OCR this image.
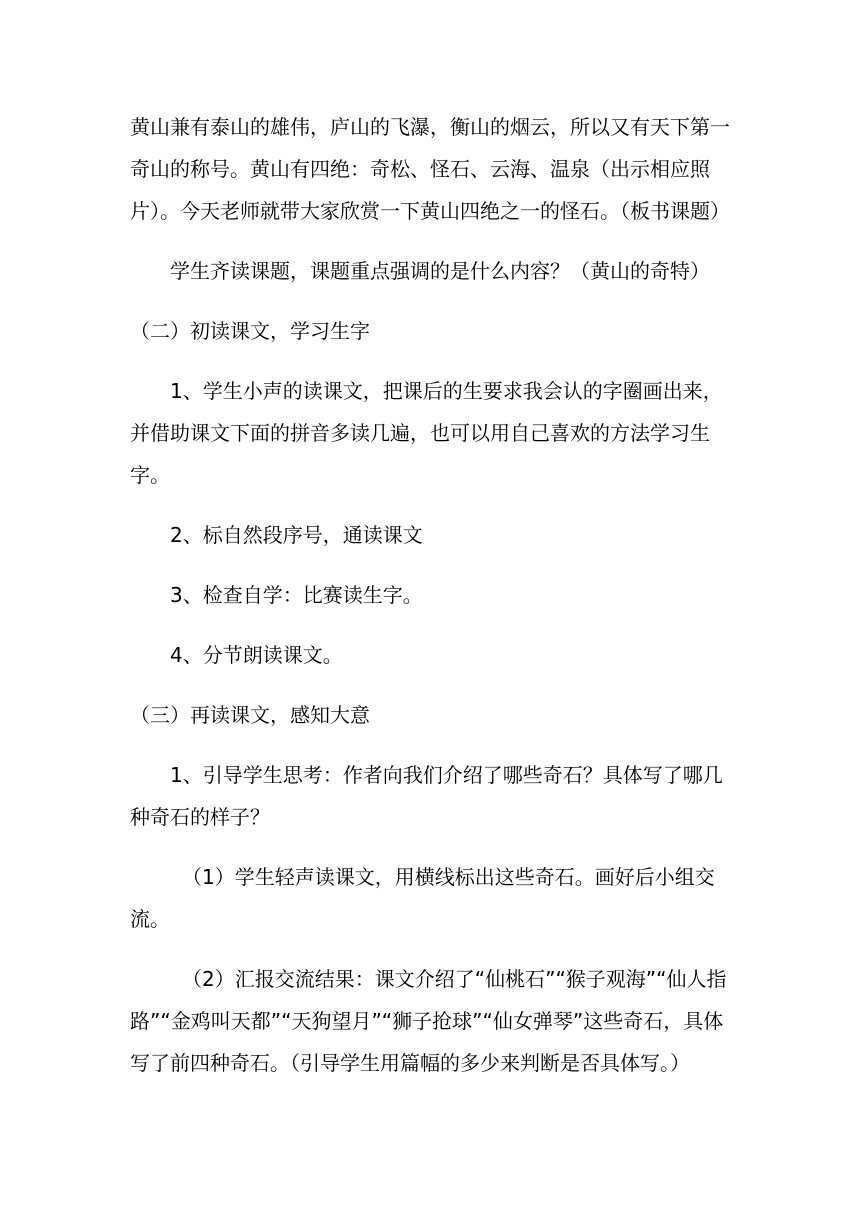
黄山兼有泰山的雄伟，庐山的飞瀑，衡山的烟云，所以又有天下第一奇山的称号。黄山有四绝：奇松、怪石、云海、温泉（出示相应照片）。今天老师就带大家欣赏一下黄山四绝之一的怪石。（板书课题）

学生齐读课题，课题重点强调的是什么内容？（黄山的奇特）

（二）初读课文，学习生字

1、学生小声的读课文，把课后的生要求我会认的字圈画出来，并借助课文下面的拼音多读几遍，也可以用自己喜欢的方法学习生字。

2、标自然段序号，通读课文

3、检查自学：比赛读生字。

4、分节朗读课文。

（三）再读课文，感知大意

1、引导学生思考：作者向我们介绍了哪些奇石？具体写了哪几种奇石的样子？

（1）学生轻声读课文，用横线标出这些奇石。画好后小组交流。

（2）汇报交流结果：课文介绍了“仙桃石”“猴子观海”“仙人指路”“金鸡叫天都”“天狗望月”“狮子抢球”“仙女弹琴”这些奇石，具体写了前四种奇石。（引导学生用篇幅的多少来判断是否具体写。）
